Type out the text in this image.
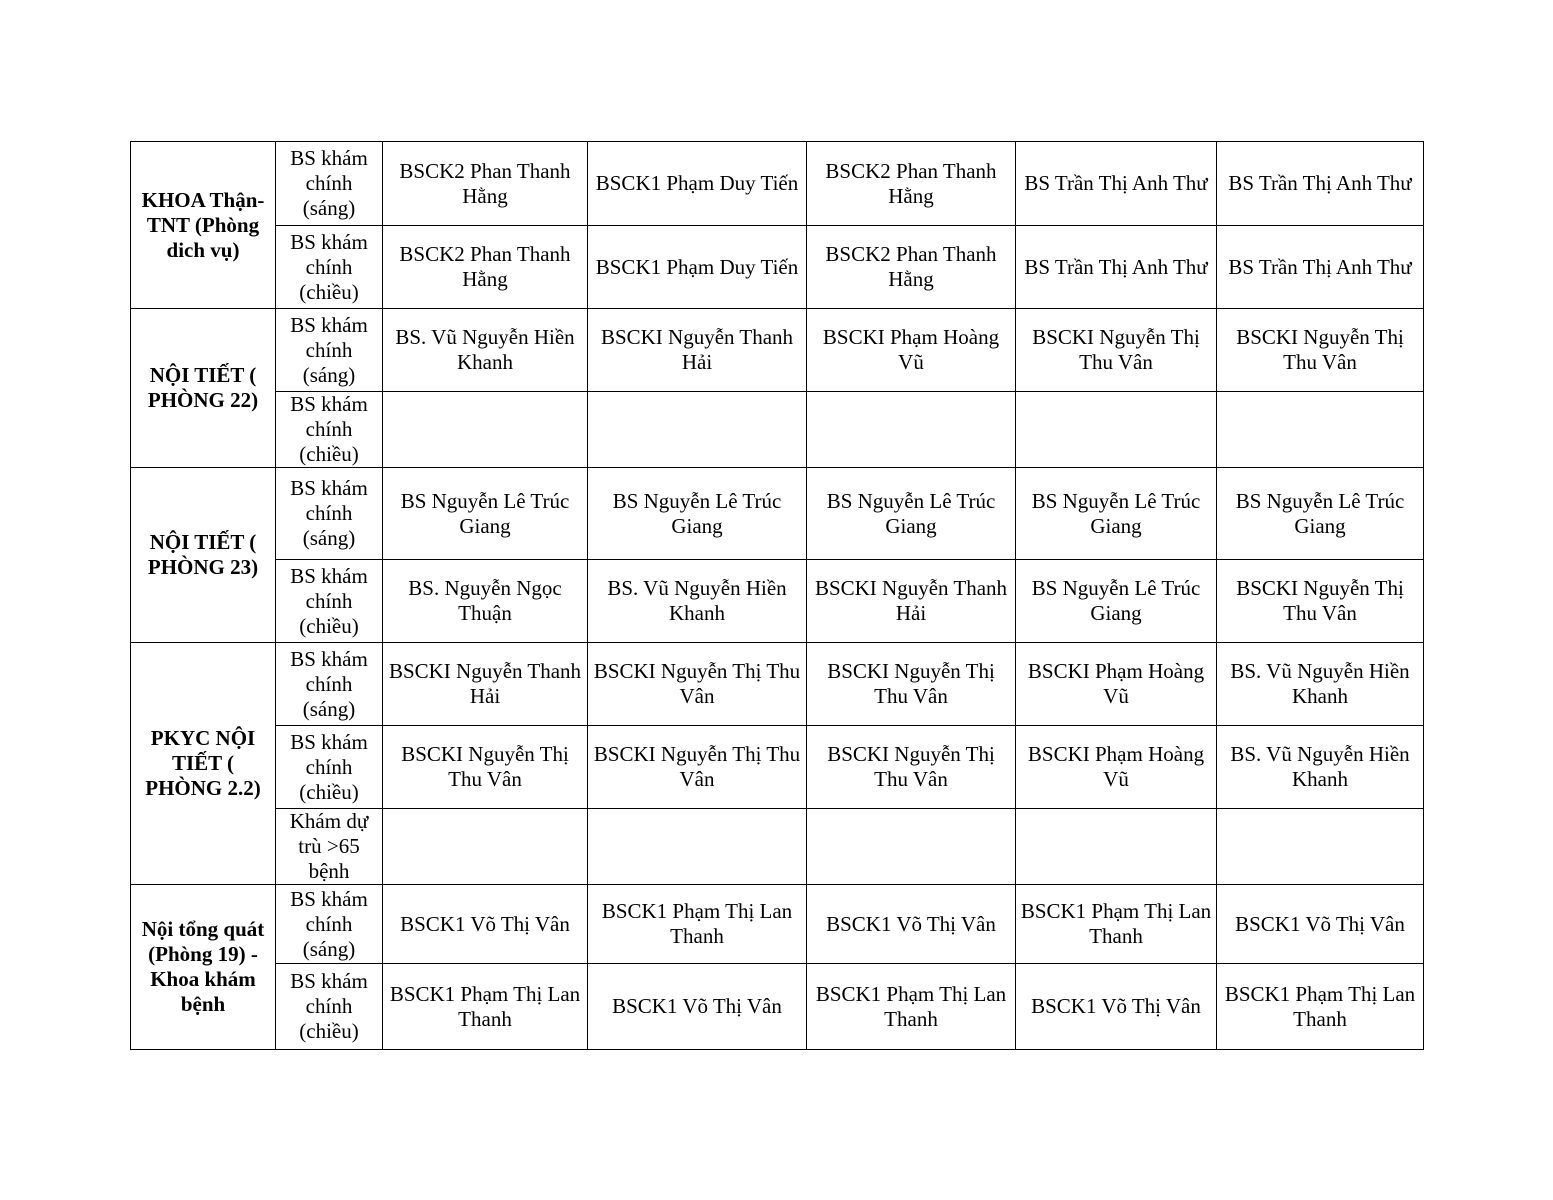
KHOA Thận-TNT (Phòng dich vụ)	BS khám chính (sáng)	BSCK2 Phan Thanh Hằng	BSCK1 Phạm Duy Tiến	BSCK2 Phan Thanh Hằng	BS Trần Thị Anh Thư	BS Trần Thị Anh Thư
	BS khám chính (chiều)	BSCK2 Phan Thanh Hằng	BSCK1 Phạm Duy Tiến	BSCK2 Phan Thanh Hằng	BS Trần Thị Anh Thư	BS Trần Thị Anh Thư
NỘI TIẾT ( PHÒNG 22)	BS khám chính (sáng)	BS. Vũ Nguyễn Hiền Khanh	BSCKI Nguyễn Thanh Hải	BSCKI Phạm Hoàng Vũ	BSCKI Nguyễn Thị Thu Vân	BSCKI Nguyễn Thị Thu Vân
	BS khám chính (chiều)					
NỘI TIẾT ( PHÒNG 23)	BS khám chính (sáng)	BS Nguyễn Lê Trúc Giang	BS Nguyễn Lê Trúc Giang	BS Nguyễn Lê Trúc Giang	BS Nguyễn Lê Trúc Giang	BS Nguyễn Lê Trúc Giang
	BS khám chính (chiều)	BS. Nguyễn Ngọc Thuận	BS. Vũ Nguyễn Hiền Khanh	BSCKI Nguyễn Thanh Hải	BS Nguyễn Lê Trúc Giang	BSCKI Nguyễn Thị Thu Vân
PKYC NỘI TIẾT ( PHÒNG 2.2)	BS khám chính (sáng)	BSCKI Nguyễn Thanh Hải	BSCKI Nguyễn Thị Thu Vân	BSCKI Nguyễn Thị Thu Vân	BSCKI Phạm Hoàng Vũ	BS. Vũ Nguyễn Hiền Khanh
	BS khám chính (chiều)	BSCKI Nguyễn Thị Thu Vân	BSCKI Nguyễn Thị Thu Vân	BSCKI Nguyễn Thị Thu Vân	BSCKI Phạm Hoàng Vũ	BS. Vũ Nguyễn Hiền Khanh
	Khám dự trù >65 bệnh					
Nội tổng quát (Phòng 19) - Khoa khám bệnh	BS khám chính (sáng)	BSCK1 Võ Thị Vân	BSCK1 Phạm Thị Lan Thanh	BSCK1 Võ Thị Vân	BSCK1 Phạm Thị Lan Thanh	BSCK1 Võ Thị Vân
	BS khám chính (chiều)	BSCK1 Phạm Thị Lan Thanh	BSCK1 Võ Thị Vân	BSCK1 Phạm Thị Lan Thanh	BSCK1 Võ Thị Vân	BSCK1 Phạm Thị Lan Thanh
